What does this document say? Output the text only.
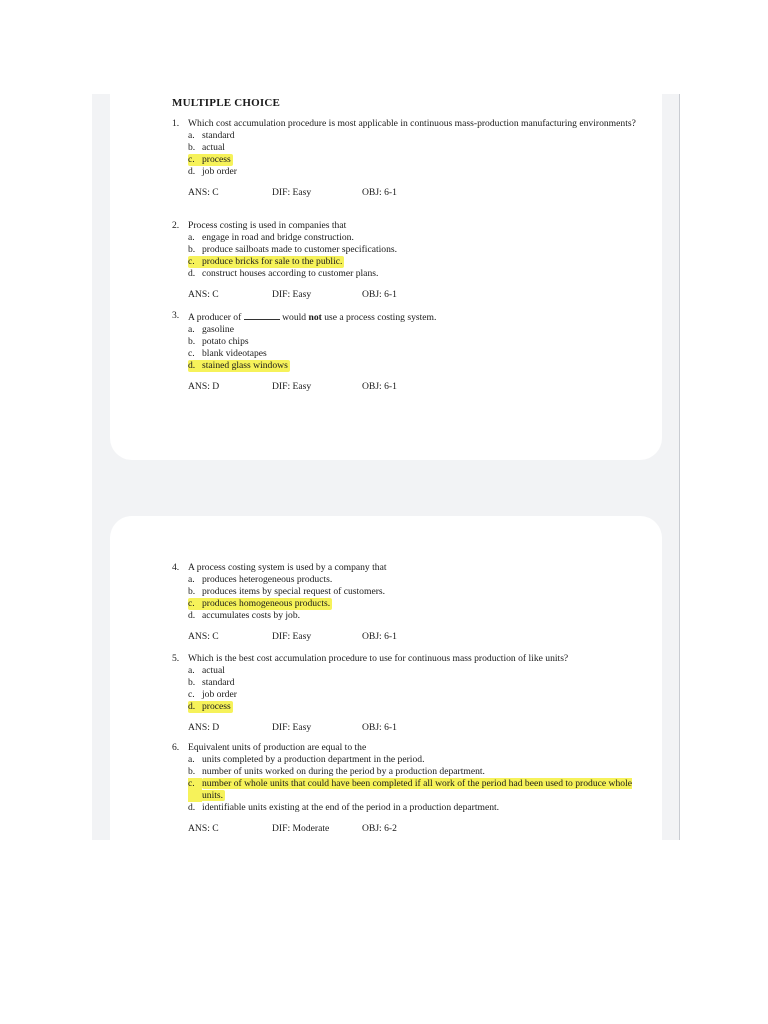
MULTIPLE CHOICE
1. Which cost accumulation procedure is most applicable in continuous mass-production manufacturing environments?
a. standard
b. actual
c. process
d. job order
ANS: C	DIF: Easy	OBJ: 6-1
2. Process costing is used in companies that
a. engage in road and bridge construction.
b. produce sailboats made to customer specifications.
c. produce bricks for sale to the public.
d. construct houses according to customer plans.
ANS: C	DIF: Easy	OBJ: 6-1
3. A producer of	would not use a process costing system.
a. gasoline
b. potato chips
c. blank videotapes
d. stained glass windows
ANS: D	DIF: Easy	OBJ: 6-1
4. A process costing system is used by a company that
a. produces heterogeneous products.
b. produces items by special request of customers.
c. produces homogeneous products.
d. accumulates costs by job.
ANS: C	DIF: Easy	OBJ: 6-1
5. Which is the best cost accumulation procedure to use for continuous mass production of like units?
a. actual
b. standard
c. job order
d. process
ANS: D	DIF: Easy	OBJ: 6-1
6. Equivalent units of production are equal to the
a. units completed by a production department in the period.
b. number of units worked on during the period by a production department.
c. number of whole units that could have been completed if all work of the period had been used to produce whole units.
d. identifiable units existing at the end of the period in a production department.
ANS: C	DIF: Moderate	OBJ: 6-2
